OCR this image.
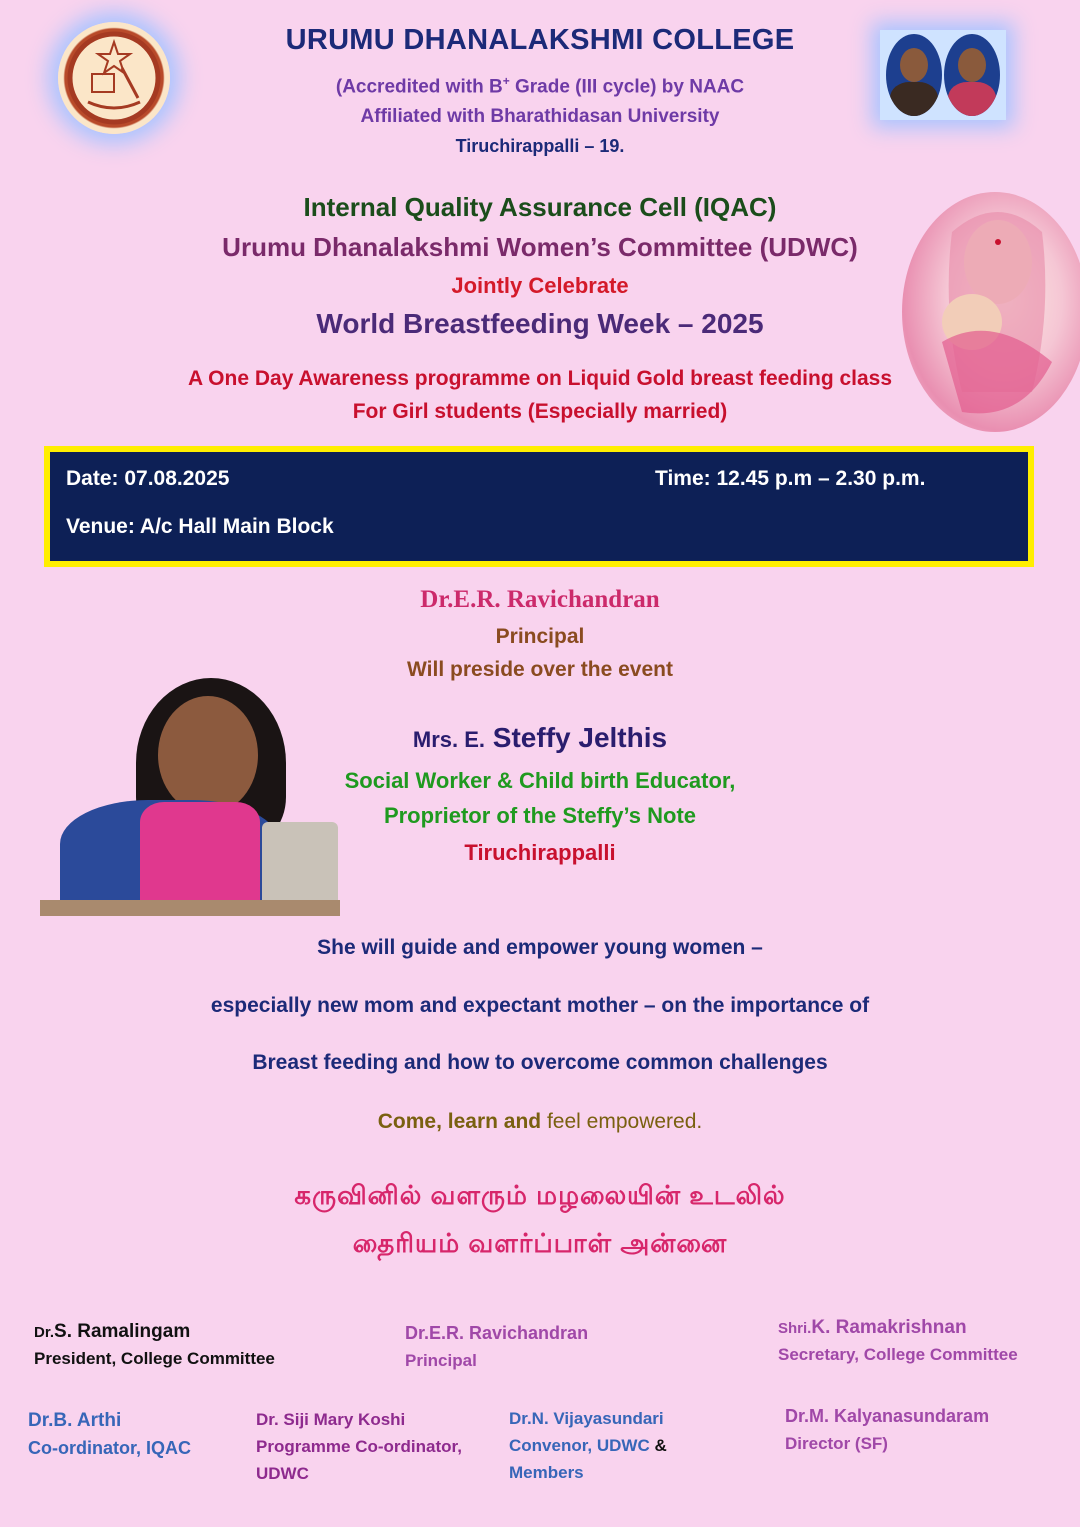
URUMU DHANALAKSHMI COLLEGE
(Accredited with B+ Grade (III cycle) by NAAC
Affiliated with Bharathidasan University
Tiruchirappalli – 19.
Internal Quality Assurance Cell (IQAC)
Urumu Dhanalakshmi Women’s Committee (UDWC)
Jointly Celebrate
World Breastfeeding Week – 2025
A One Day Awareness programme on Liquid Gold breast feeding class
For Girl students (Especially married)
Date: 07.08.2025	Time: 12.45 p.m – 2.30 p.m.
Venue: A/c Hall Main Block
Dr.E.R. Ravichandran
Principal
Will preside over the event
Mrs. E. Steffy Jelthis
Social Worker & Child birth Educator,
Proprietor of the Steffy’s Note
Tiruchirappalli
She will guide and empower young women –
especially new mom and expectant mother – on the importance of
Breast feeding and how to overcome common challenges
Come, learn and feel empowered.
கருவினில் வளரும் மழலையின் உடலில்
தைரியம் வளர்ப்பாள் அன்னை
Dr.S. Ramalingam
President, College Committee
Dr.E.R. Ravichandran
Principal
Shri.K. Ramakrishnan
Secretary, College Committee
Dr.B. Arthi
Co-ordinator, IQAC
Dr. Siji Mary Koshi
Programme Co-ordinator,
UDWC
Dr.N. Vijayasundari
Convenor, UDWC &
Members
Dr.M. Kalyanasundaram
Director (SF)
